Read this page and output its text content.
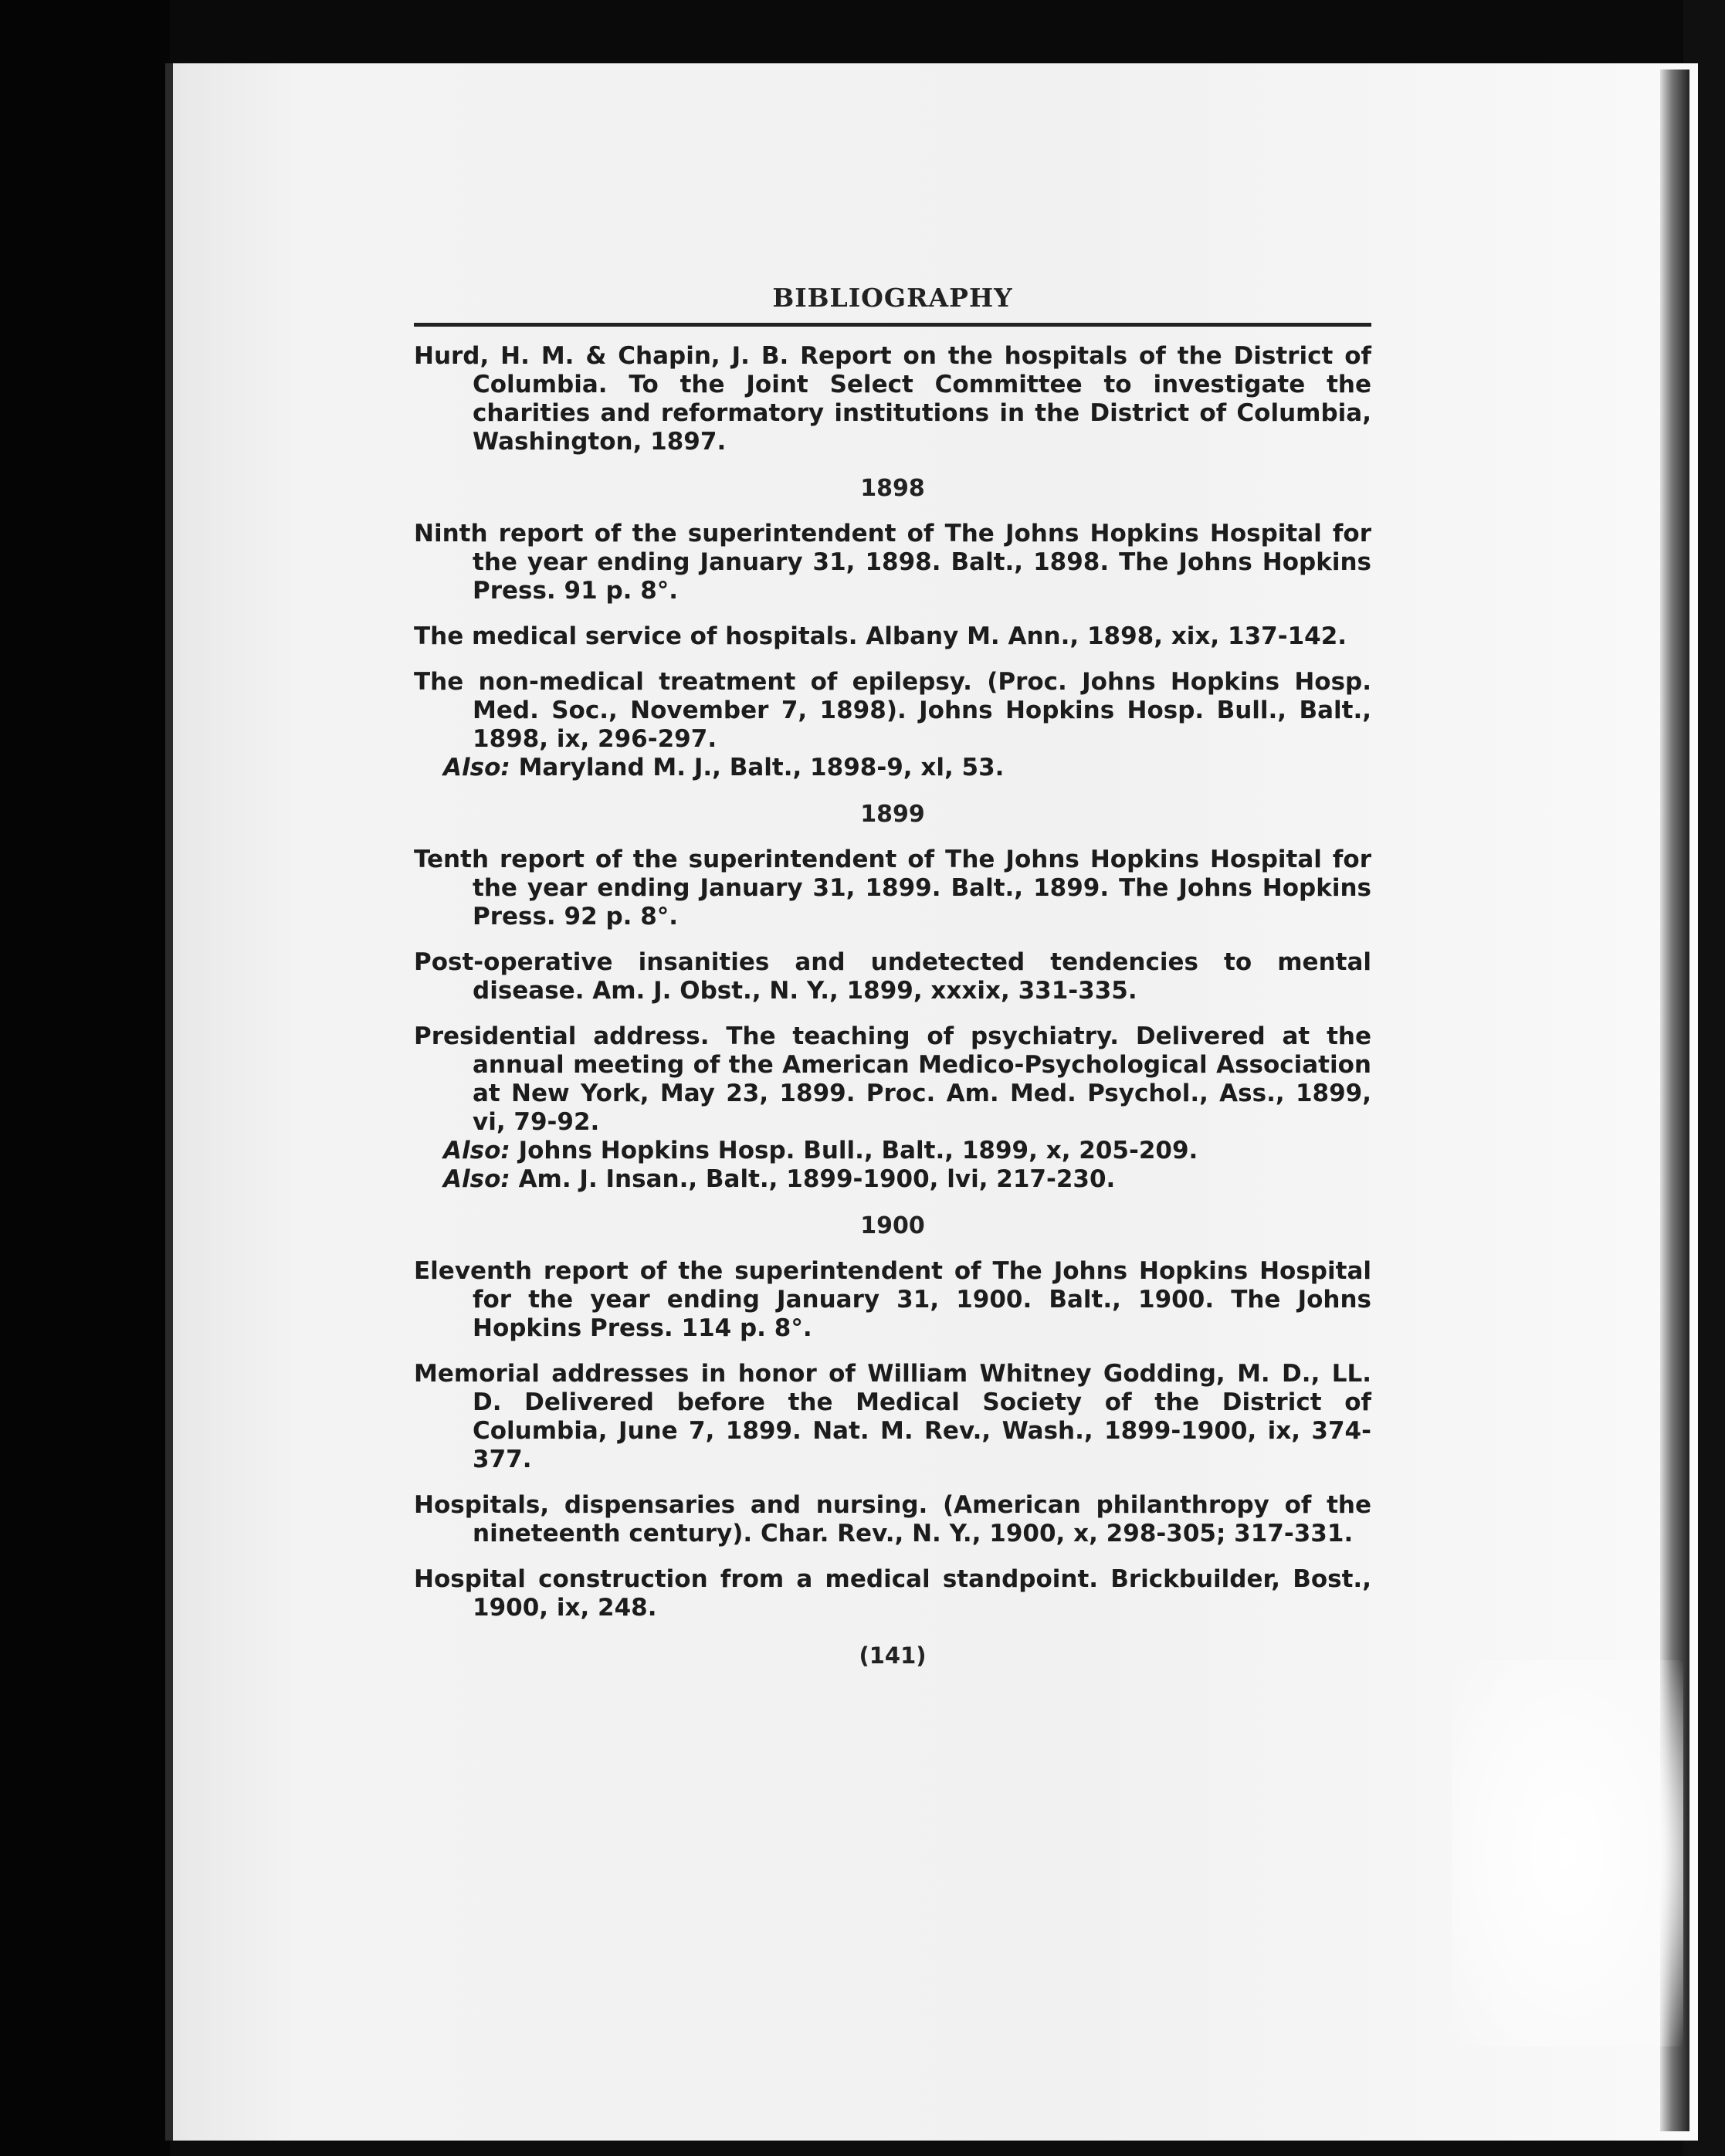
BIBLIOGRAPHY

Hurd, H. M. & Chapin, J. B. Report on the hospitals of the District of Columbia. To the Joint Select Committee to investigate the charities and reformatory institutions in the District of Columbia, Washington, 1897.

1898

Ninth report of the superintendent of The Johns Hopkins Hospital for the year ending January 31, 1898. Balt., 1898. The Johns Hopkins Press. 91 p. 8°.

The medical service of hospitals. Albany M. Ann., 1898, xix, 137-142.

The non-medical treatment of epilepsy. (Proc. Johns Hopkins Hosp. Med. Soc., November 7, 1898). Johns Hopkins Hosp. Bull., Balt., 1898, ix, 296-297.

Also: Maryland M. J., Balt., 1898-9, xl, 53.

1899

Tenth report of the superintendent of The Johns Hopkins Hospital for the year ending January 31, 1899. Balt., 1899. The Johns Hopkins Press. 92 p. 8°.

Post-operative insanities and undetected tendencies to mental disease. Am. J. Obst., N. Y., 1899, xxxix, 331-335.

Presidential address. The teaching of psychiatry. Delivered at the annual meeting of the American Medico-Psychological Association at New York, May 23, 1899. Proc. Am. Med. Psychol., Ass., 1899, vi, 79-92.

Also: Johns Hopkins Hosp. Bull., Balt., 1899, x, 205-209.

Also: Am. J. Insan., Balt., 1899-1900, lvi, 217-230.

1900

Eleventh report of the superintendent of The Johns Hopkins Hospital for the year ending January 31, 1900. Balt., 1900. The Johns Hopkins Press. 114 p. 8°.

Memorial addresses in honor of William Whitney Godding, M. D., LL. D. Delivered before the Medical Society of the District of Columbia, June 7, 1899. Nat. M. Rev., Wash., 1899-1900, ix, 374-377.

Hospitals, dispensaries and nursing. (American philanthropy of the nineteenth century). Char. Rev., N. Y., 1900, x, 298-305; 317-331.

Hospital construction from a medical standpoint. Brickbuilder, Bost., 1900, ix, 248.

(141)
